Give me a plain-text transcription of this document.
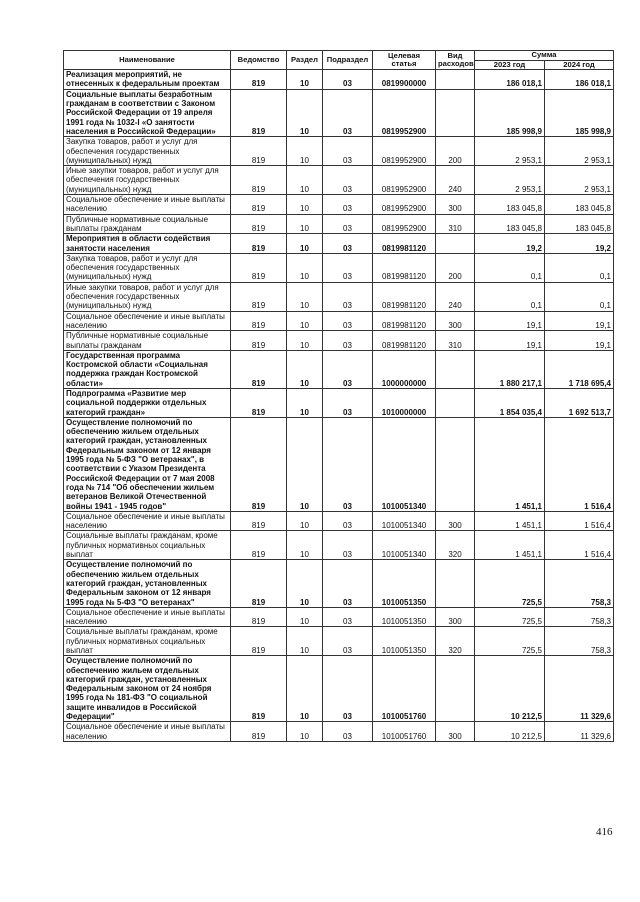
Наименование	Ведомство	Раздел	Подраздел	Целевая статья	Вид расходов	Сумма	
						2023 год	2024 год
Реализация мероприятий, не отнесенных к федеральным проектам	819	10	03	0819900000		186 018,1	186 018,1
Социальные выплаты безработным гражданам в соответствии с Законом Российской Федерации от 19 апреля 1991 года № 1032-I «О занятости населения в Российской Федерации»	819	10	03	0819952900		185 998,9	185 998,9
Закупка товаров, работ и услуг для обеспечения государственных (муниципальных) нужд	819	10	03	0819952900	200	2 953,1	2 953,1
Иные закупки товаров, работ и услуг для обеспечения государственных (муниципальных) нужд	819	10	03	0819952900	240	2 953,1	2 953,1
Социальное обеспечение и иные выплаты населению	819	10	03	0819952900	300	183 045,8	183 045,8
Публичные нормативные социальные выплаты гражданам	819	10	03	0819952900	310	183 045,8	183 045,8
Мероприятия в области содействия занятости населения	819	10	03	0819981120		19,2	19,2
Закупка товаров, работ и услуг для обеспечения государственных (муниципальных) нужд	819	10	03	0819981120	200	0,1	0,1
Иные закупки товаров, работ и услуг для обеспечения государственных (муниципальных) нужд	819	10	03	0819981120	240	0,1	0,1
Социальное обеспечение и иные выплаты населению	819	10	03	0819981120	300	19,1	19,1
Публичные нормативные социальные выплаты гражданам	819	10	03	0819981120	310	19,1	19,1
Государственная программа Костромской области «Социальная поддержка граждан Костромской области»	819	10	03	1000000000		1 880 217,1	1 718 695,4
Подпрограмма «Развитие мер социальной поддержки отдельных категорий граждан»	819	10	03	1010000000		1 854 035,4	1 692 513,7
Осуществление полномочий по обеспечению жильем отдельных категорий граждан, установленных Федеральным законом от 12 января 1995 года № 5-ФЗ "О ветеранах", в соответствии с Указом Президента Российской Федерации от 7 мая 2008 года № 714 "Об обеспечении жильем ветеранов Великой Отечественной войны 1941 - 1945 годов"	819	10	03	1010051340		1 451,1	1 516,4
Социальное обеспечение и иные выплаты населению	819	10	03	1010051340	300	1 451,1	1 516,4
Социальные выплаты гражданам, кроме публичных нормативных социальных выплат	819	10	03	1010051340	320	1 451,1	1 516,4
Осуществление полномочий по обеспечению жильем отдельных категорий граждан, установленных Федеральным законом от 12 января 1995 года № 5-ФЗ "О ветеранах"	819	10	03	1010051350		725,5	758,3
Социальное обеспечение и иные выплаты населению	819	10	03	1010051350	300	725,5	758,3
Социальные выплаты гражданам, кроме публичных нормативных социальных выплат	819	10	03	1010051350	320	725,5	758,3
Осуществление полномочий по обеспечению жильем отдельных категорий граждан, установленных Федеральным законом от 24 ноября 1995 года № 181-ФЗ "О социальной защите инвалидов в Российской Федерации"	819	10	03	1010051760		10 212,5	11 329,6
Социальное обеспечение и иные выплаты населению	819	10	03	1010051760	300	10 212,5	11 329,6
416
